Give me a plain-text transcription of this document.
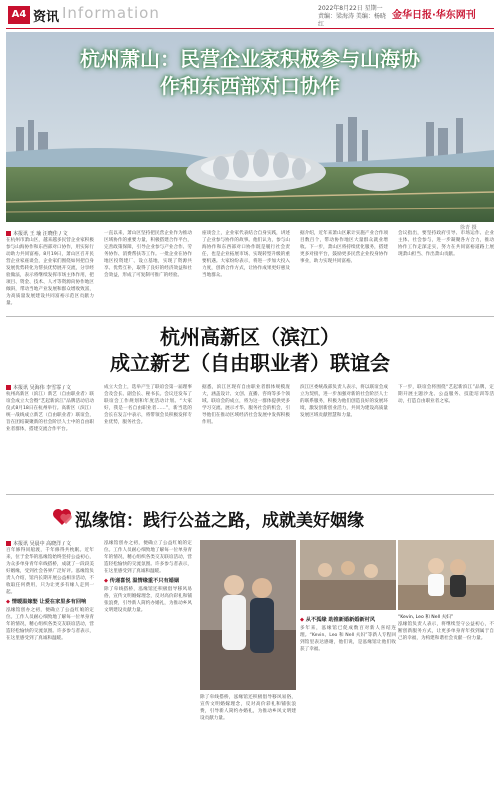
A4 资讯 Information	2022年8月22日 星期一
责编：梁海涛 美编：杨晓红
金华日报·华东网刊
杭州萧山：民营企业家积极参与山海协作和东西部对口协作
徐青 摄
本报讯 王 瑜 汪晓佳 / 文
在杭州市萧山区，越来越多民营企业家积极参与山海协作和东西部对口协作，用实际行动助力共同富裕。8月19日，萧山区召开民营企业家座谈会，企业家们围绕如何把自身发展优势转化为帮扶优势展开交流，分享经验做法，表示将继续发挥市场主体作用，把项目、资金、技术、人才等资源向协作地区倾斜，带动当地产业发展和群众增收致富，为高质量发展建设共同富裕示范区贡献力量。
一直以来，萧山区坚持把民营企业作为推动区域协作的重要力量，积极搭建合作平台，完善政策保障，引导企业参与产业合作、劳务协作、消费帮扶等工作。一批企业在协作地区投资建厂、设立基地，实现了资源共享、优势互补，取得了良好的经济效益和社会效益，形成了可复制可推广的经验。
座谈会上，企业家代表结合自身实践，讲述了企业参与协作的故事。他们认为，参与山海协作和东西部对口协作既是履行社会责任，也是企业拓展市场、实现转型升级的重要机遇。大家纷纷表示，将进一步加大投入力度，创新合作方式，让协作成果更好惠及当地群众。
据介绍，近年来萧山区累计实施产业合作项目数百个，带动协作地区大量群众就业增收。下一步，萧山区将持续优化服务，搭建更多对接平台，鼓励更多民营企业投身协作事业，助力实现共同富裕。
会议指出，要坚持政府引导、市场运作、企业主体、社会参与，进一步凝聚各方合力，推动协作工作走深走实，努力在共同富裕道路上展现萧山担当、作出萧山贡献。
杭州高新区（滨江）
成立新艺（自由职业者）联谊会
本报讯 吴海伟 李雪霏 / 文
杭州高新区（滨江）新艺（自由职业者）联谊会成立大会暨“艺起新滨江”品牌活动启动仪式8月18日在杭州举行。高新区（滨江）统一战线成立新艺（自由职业者）联谊会，旨在团结凝聚新的社会阶层人士中的自由职业者群体，搭建交流合作平台。
成立大会上，选举产生了联谊会第一届理事会及会长、副会长、秘书长。会议还发布了联谊会工作规划和年度活动计划。“大家好，我是一名自由职业者……”，新当选的会长在发言中表示，将带领会员积极发挥专业优势，服务社会。
据悉，滨江区现有自由职业者群体规模庞大，涵盖设计、文创、直播、咨询等多个领域。联谊会的成立，将为这一群体提供更多学习交流、展示才华、服务社会的机会，引导他们在推动区域经济社会发展中发挥积极作用。
滨江区委统战部负责人表示，将以联谊会成立为契机，进一步加强对新的社会阶层人士的联系服务，积极为他们创造良好的发展环境，激发创新创业活力，共同为建设高质量发展区域贡献智慧和力量。
下一步，联谊会将围绕“艺起新滨江”品牌，定期开展主题沙龙、公益服务、技能培训等活动，打造自由职业者之家。
泓缘馆：践行公益之路，成就美好姻缘
本报讯 吴晨中 高晓洋 / 文
百年修得同船渡，千年修得共枕眠。近年来，位于金华的泓缘馆始终坚持公益初心，为众多单身青年牵线搭桥，成就了一段段美好姻缘，受到社会各界广泛好评。泓缘馆负责人介绍，馆内长期开展公益相亲活动，不收取任何费用，只为让更多有缘人走到一起。
◆ 情暖温嫁娶 让爱在家里多有回响
泓缘馆创办之初，便确立了公益红娘的定位。工作人员耐心细致地了解每一位单身青年的情况，精心组织各类交友联谊活动，营造轻松愉快的交流氛围。许多参与者表示，在这里感受到了真诚和温暖。
泓缘馆创办之初，便确立了公益红娘的定位。工作人员耐心细致地了解每一位单身青年的情况，精心组织各类交友联谊活动，营造轻松愉快的交流氛围。许多参与者表示，在这里感受到了真诚和温暖。
◆ 传递喜悦 温情缘重不只有婚姻
除了牵线搭桥，泓缘馆还积极倡导移风易俗，宣传文明婚嫁理念，反对高价彩礼和铺张浪费，引导新人简约办婚礼，为推动乡风文明建设贡献力量。
◆ 从不孤缘 助推新婚新婚新村风
多年来，泓缘馆已促成数百对新人喜结连理。“Kevin、Leo 和 Nell 夫妇”等新人专程回到馆里表达感谢，他们说，是泓缘馆让他们收获了幸福。
“Kevin, Leo 和 Nell 夫妇”
泓缘馆负责人表示，将继续坚守公益初心，不断创新服务方式，让更多单身青年找到属于自己的幸福，为构建和谐社会贡献一份力量。
除了牵线搭桥，泓缘馆还积极倡导移风易俗，宣传文明婚嫁理念，反对高价彩礼和铺张浪费，引导新人简约办婚礼，为推动乡风文明建设贡献力量。
